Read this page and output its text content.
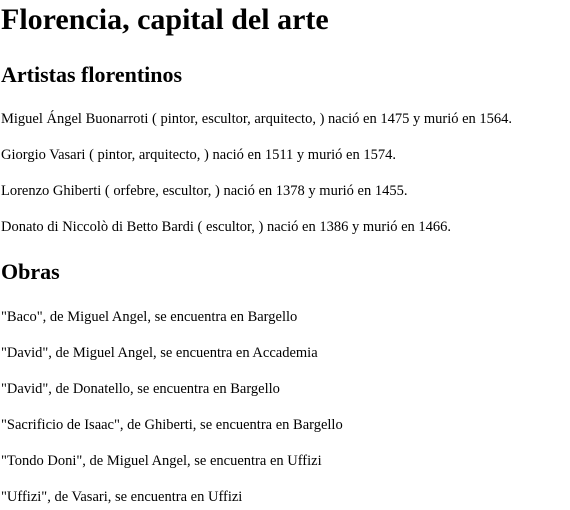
Florencia, capital del arte
Artistas florentinos

Miguel Ángel Buonarroti ( pintor, escultor, arquitecto, ) nació en 1475 y murió en 1564.

Giorgio Vasari ( pintor, arquitecto, ) nació en 1511 y murió en 1574.

Lorenzo Ghiberti ( orfebre, escultor, ) nació en 1378 y murió en 1455.

Donato di Niccolò di Betto Bardi ( escultor, ) nació en 1386 y murió en 1466.

Obras

"Baco", de Miguel Angel, se encuentra en Bargello

"David", de Miguel Angel, se encuentra en Accademia

"David", de Donatello, se encuentra en Bargello

"Sacrificio de Isaac", de Ghiberti, se encuentra en Bargello

"Tondo Doni", de Miguel Angel, se encuentra en Uffizi

"Uffizi", de Vasari, se encuentra en Uffizi
